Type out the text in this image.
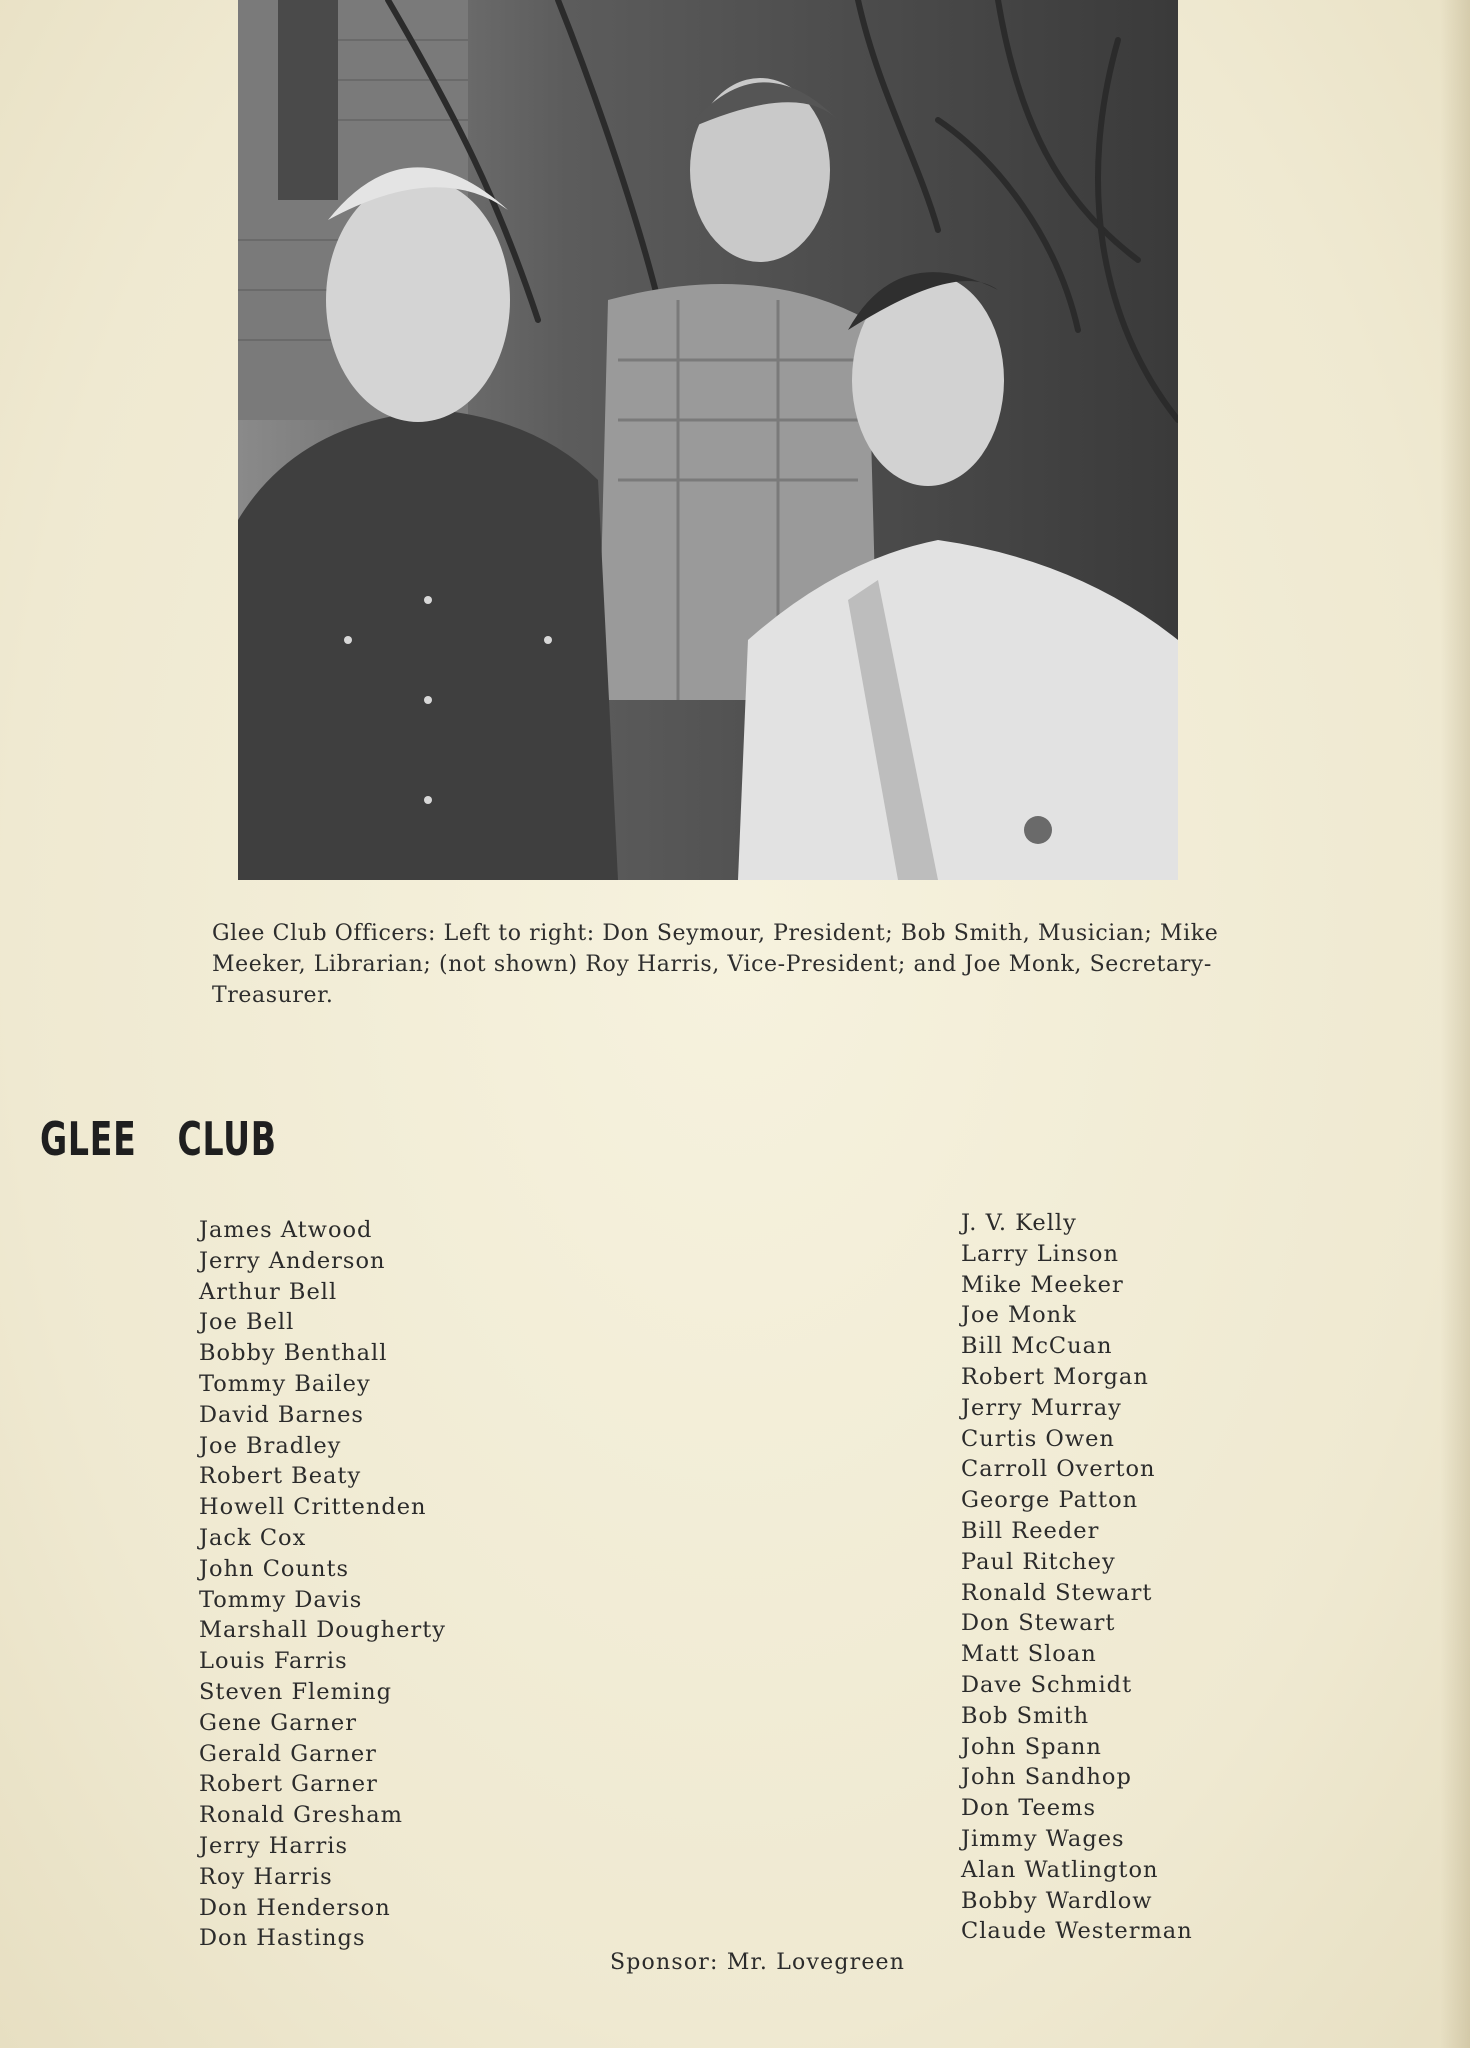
Glee Club Officers: Left to right: Don Seymour, President; Bob Smith, Musician; Mike Meeker, Librarian; (not shown) Roy Harris, Vice-President; and Joe Monk, Secretary-Treasurer.
GLEE CLUB
James Atwood
Jerry Anderson
Arthur Bell
Joe Bell
Bobby Benthall
Tommy Bailey
David Barnes
Joe Bradley
Robert Beaty
Howell Crittenden
Jack Cox
John Counts
Tommy Davis
Marshall Dougherty
Louis Farris
Steven Fleming
Gene Garner
Gerald Garner
Robert Garner
Ronald Gresham
Jerry Harris
Roy Harris
Don Henderson
Don Hastings
J. V. Kelly
Larry Linson
Mike Meeker
Joe Monk
Bill McCuan
Robert Morgan
Jerry Murray
Curtis Owen
Carroll Overton
George Patton
Bill Reeder
Paul Ritchey
Ronald Stewart
Don Stewart
Matt Sloan
Dave Schmidt
Bob Smith
John Spann
John Sandhop
Don Teems
Jimmy Wages
Alan Watlington
Bobby Wardlow
Claude Westerman
Sponsor: Mr. Lovegreen
